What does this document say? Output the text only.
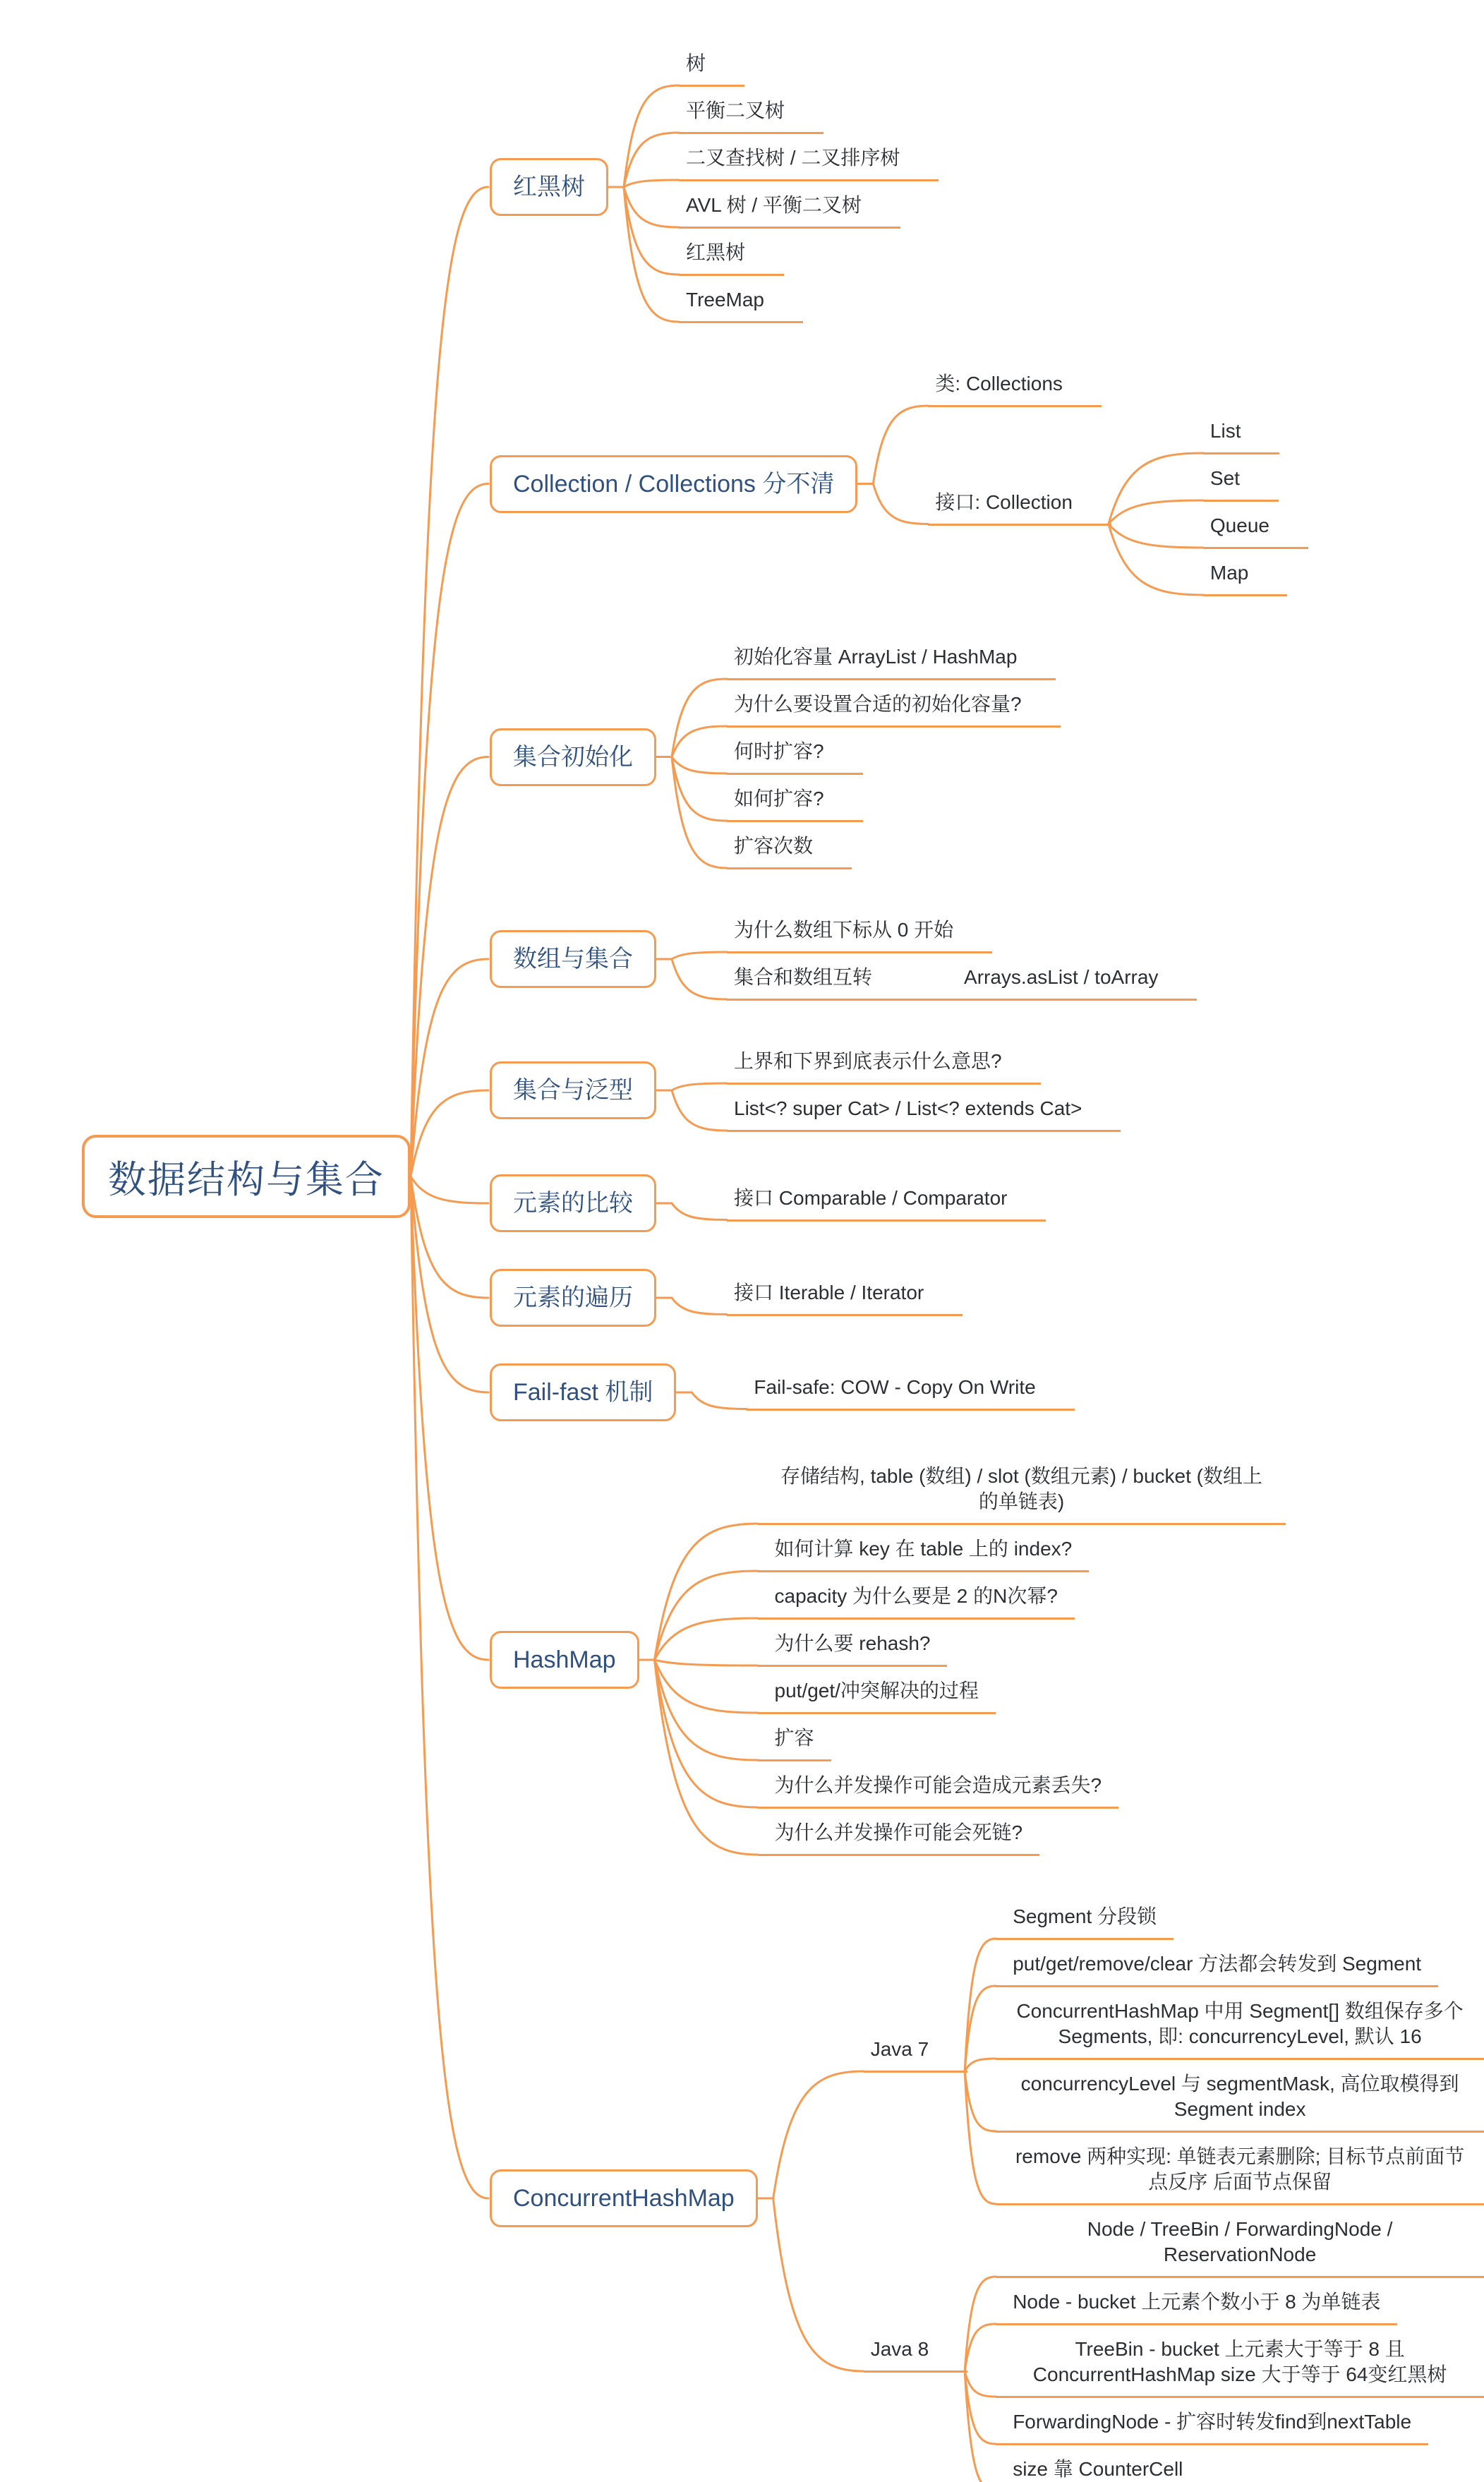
数据结构与集合
红黑树
树
平衡二叉树
二叉查找树 / 二叉排序树
AVL 树 / 平衡二叉树
红黑树
TreeMap
Collection / Collections 分不清
类: Collections
接口: Collection
List
Set
Queue
Map
集合初始化
初始化容量 ArrayList / HashMap
为什么要设置合适的初始化容量?
何时扩容?
如何扩容?
扩容次数
数组与集合
为什么数组下标从 0 开始
集合和数组互转	Arrays.asList / toArray
集合与泛型
上界和下界到底表示什么意思?
List<? super Cat> / List<? extends Cat>
元素的比较	接口 Comparable / Comparator
元素的遍历	接口 Iterable / Iterator
Fail-fast 机制	Fail-safe: COW - Copy On Write
HashMap
存储结构, table (数组) / slot (数组元素) / bucket (数组上 的单链表)
如何计算 key 在 table 上的 index?
capacity 为什么要是 2 的N次幂?
为什么要 rehash?
put/get/冲突解决的过程
扩容
为什么并发操作可能会造成元素丢失?
为什么并发操作可能会死链?
ConcurrentHashMap
Java 7
Segment 分段锁
put/get/remove/clear 方法都会转发到 Segment
ConcurrentHashMap 中用 Segment[] 数组保存多个 Segments, 即: concurrencyLevel, 默认 16
concurrencyLevel 与 segmentMask, 高位取模得到 Segment index
remove 两种实现: 单链表元素删除; 目标节点前面节点反序 后面节点保留
Java 8
Node / TreeBin / ForwardingNode / ReservationNode
Node - bucket 上元素个数小于 8 为单链表
TreeBin - bucket 上元素大于等于 8 且 ConcurrentHashMap size 大于等于 64变红黑树
ForwardingNode - 扩容时转发find到nextTable
size 靠 CounterCell
